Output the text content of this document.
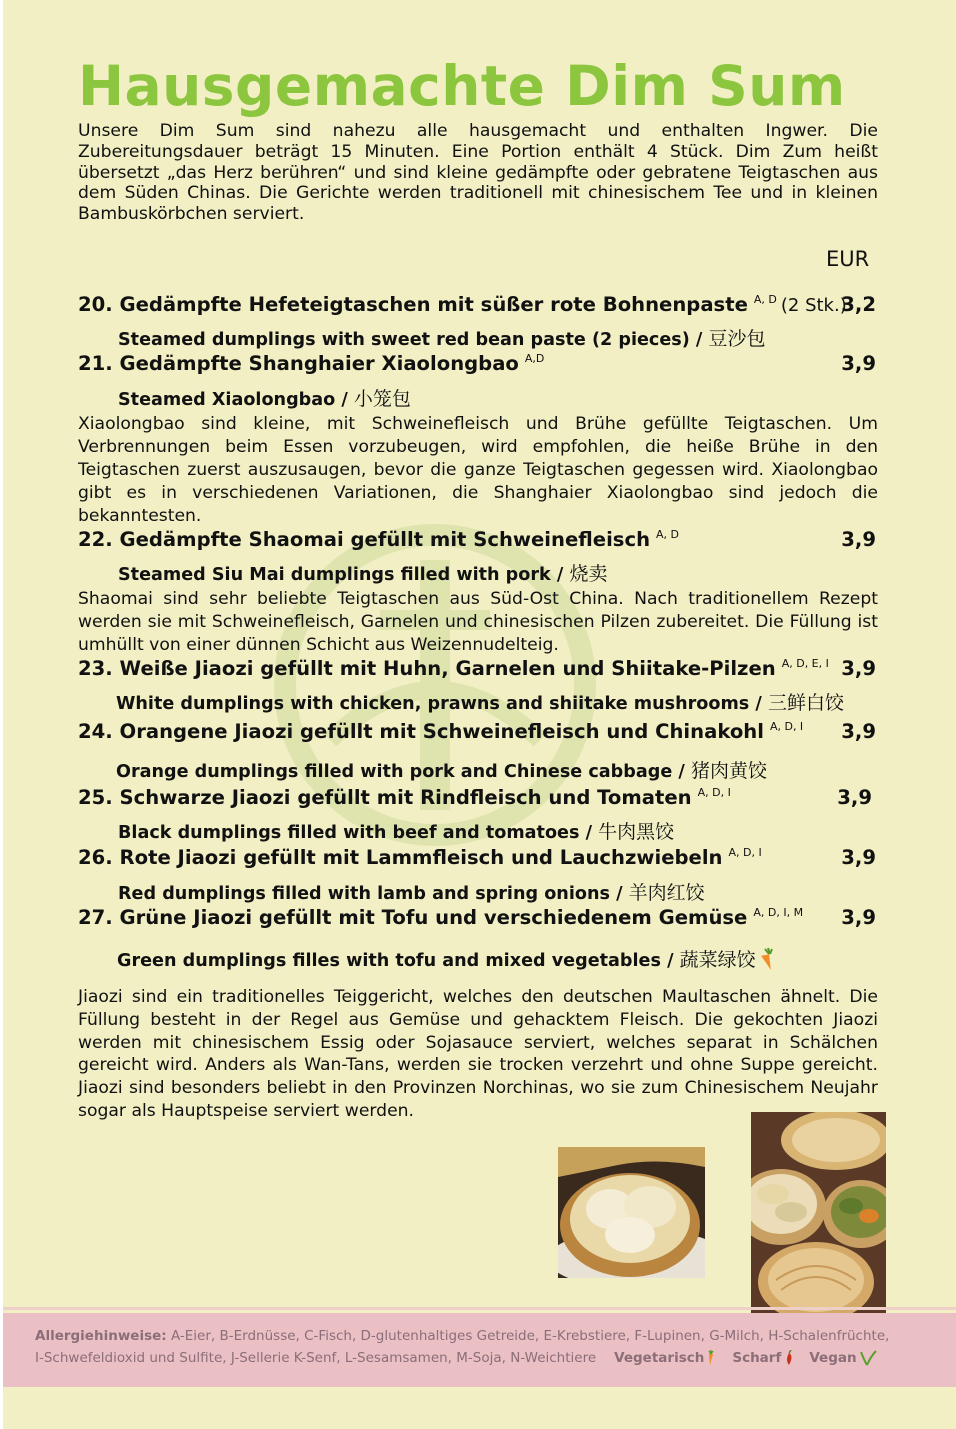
Hausgemachte Dim Sum
Unsere Dim Sum sind nahezu alle hausgemacht und enthalten Ingwer. Die Zubereitungsdauer beträgt 15 Minuten. Eine Portion enthält 4 Stück. Dim Zum heißt übersetzt „das Herz berühren“ und sind kleine gedämpfte oder gebratene Teigtaschen aus dem Süden Chinas. Die Gerichte werden traditionell mit chinesischem Tee und in kleinen Bambuskörbchen serviert.
EUR
20. Gedämpfte Hefeteigtaschen mit süßer rote Bohnenpaste $^{A, D}$ (2 Stk.)
3,2
Steamed dumplings with sweet red bean paste (2 pieces) / 豆沙包
21. Gedämpfte Shanghaier Xiaolongbao $^{A,D}$	3,9
Steamed Xiaolongbao / 小笼包
Xiaolongbao sind kleine, mit Schweinefleisch und Brühe gefüllte Teigtaschen. Um Verbrennungen beim Essen vorzubeugen, wird empfohlen, die heiße Brühe in den Teigtaschen zuerst auszusaugen, bevor die ganze Teigtaschen gegessen wird. Xiaolongbao gibt es in verschiedenen Variationen, die Shanghaier Xiaolongbao sind jedoch die bekanntesten.
22. Gedämpfte Shaomai gefüllt mit Schweinefleisch $^{A, D}$	3,9
Steamed Siu Mai dumplings filled with pork / 烧卖
Shaomai sind sehr beliebte Teigtaschen aus Süd-Ost China. Nach traditionellem Rezept werden sie mit Schweinefleisch, Garnelen und chinesischen Pilzen zubereitet. Die Füllung ist umhüllt von einer dünnen Schicht aus Weizennudelteig.
23. Weiße Jiaozi gefüllt mit Huhn, Garnelen und Shiitake-Pilzen $^{A, D, E, I}$ 3,9
White dumplings with chicken, prawns and shiitake mushrooms / 三鲜白饺
24. Orangene Jiaozi gefüllt mit Schweinefleisch und Chinakohl $^{A, D, I}$ 3,9
Orange dumplings filled with pork and Chinese cabbage / 猪肉黄饺
25. Schwarze Jiaozi gefüllt mit Rindfleisch und Tomaten $^{A, D, I}$	3,9
Black dumplings filled with beef and tomatoes / 牛肉黑饺
26. Rote Jiaozi gefüllt mit Lammfleisch und Lauchzwiebeln $^{A, D, I}$	3,9
Red dumplings filled with lamb and spring onions / 羊肉红饺
27. Grüne Jiaozi gefüllt mit Tofu und verschiedenem Gemüse $^{A, D, I, M}$ 3,9
Green dumplings filles with tofu and mixed vegetables / 蔬菜绿饺
Jiaozi sind ein traditionelles Teiggericht, welches den deutschen Maultaschen ähnelt. Die Füllung besteht in der Regel aus Gemüse und gehacktem Fleisch. Die gekochten Jiaozi werden mit chinesischem Essig oder Sojasauce serviert, welches separat in Schälchen gereicht wird. Anders als Wan-Tans, werden sie trocken verzehrt und ohne Suppe gereicht. Jiaozi sind besonders beliebt in den Provinzen Norchinas, wo sie zum Chinesischem Neujahr sogar als Hauptspeise serviert werden.
Allergiehinweise: A-Eier, B-Erdnüsse, C-Fisch, D-glutenhaltiges Getreide, E-Krebstiere, F-Lupinen, G-Milch, H-Schalenfrüchte,
I-Schwefeldioxid und Sulfite, J-Sellerie K-Senf, L-Sesamsamen, M-Soja, N-Weichtiere Vegetarisch Scharf Vegan
